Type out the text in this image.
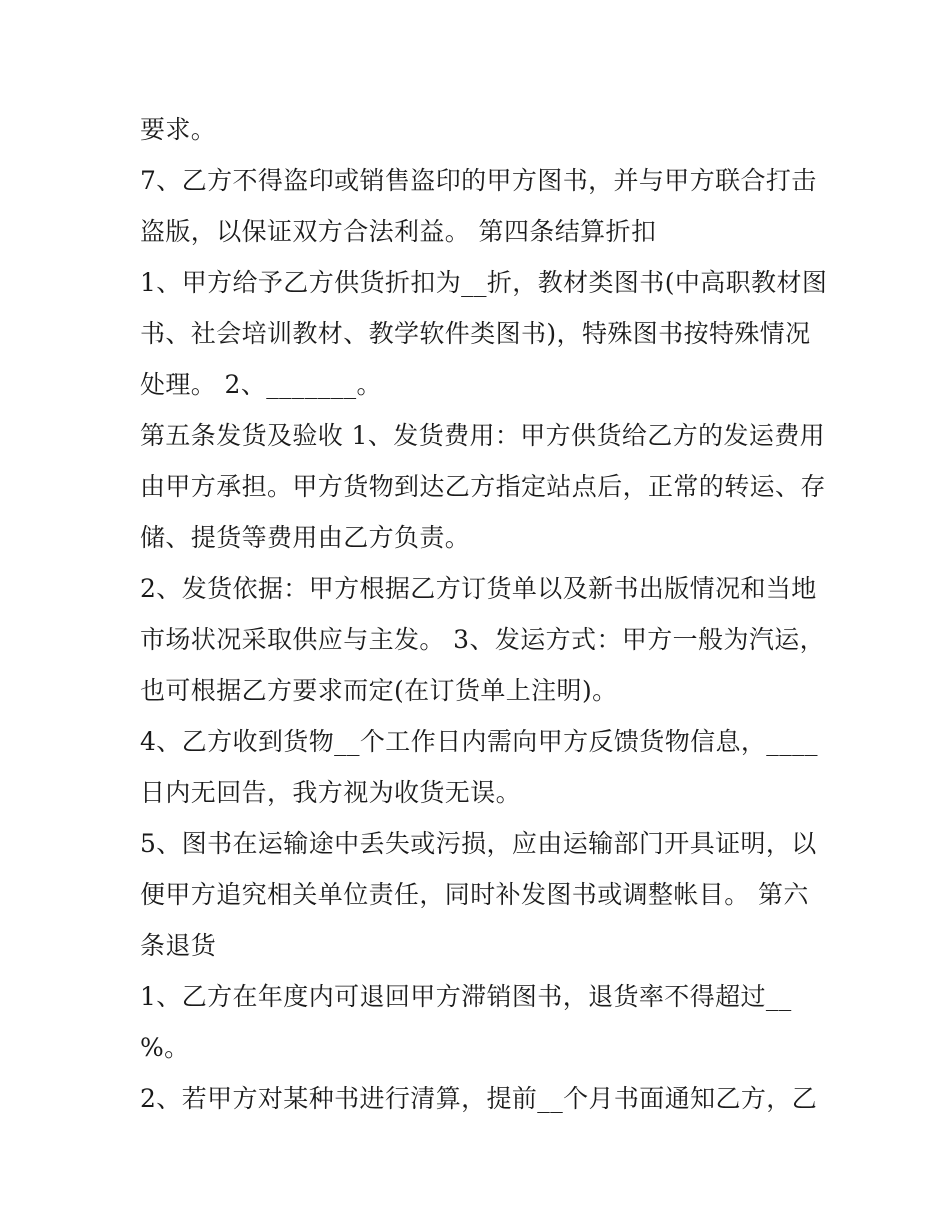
要求。
7、乙方不得盗印或销售盗印的甲方图书，并与甲方联合打击
盗版，以保证双方合法利益。 第四条结算折扣
1、甲方给予乙方供货折扣为__折，教材类图书(中高职教材图
书、社会培训教材、教学软件类图书)，特殊图书按特殊情况
处理。 2、_______。
第五条发货及验收 1、发货费用：甲方供货给乙方的发运费用
由甲方承担。甲方货物到达乙方指定站点后，正常的转运、存
储、提货等费用由乙方负责。
2、发货依据：甲方根据乙方订货单以及新书出版情况和当地
市场状况采取供应与主发。 3、发运方式：甲方一般为汽运，
也可根据乙方要求而定(在订货单上注明)。
4、乙方收到货物__个工作日内需向甲方反馈货物信息，____
日内无回告，我方视为收货无误。
5、图书在运输途中丢失或污损，应由运输部门开具证明，以
便甲方追究相关单位责任，同时补发图书或调整帐目。 第六
条退货
1、乙方在年度内可退回甲方滞销图书，退货率不得超过__
%。
2、若甲方对某种书进行清算，提前__个月书面通知乙方，乙
